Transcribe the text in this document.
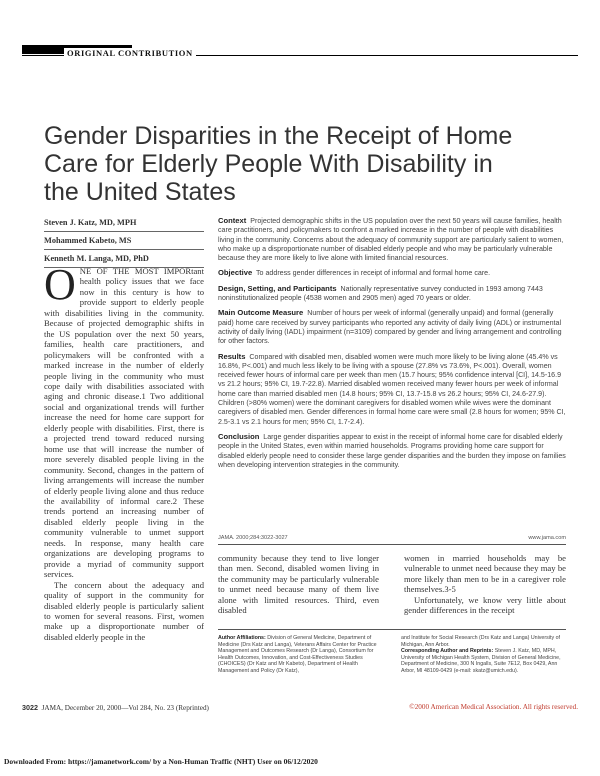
ORIGINAL CONTRIBUTION
Gender Disparities in the Receipt of Home Care for Elderly People With Disability in the United States
Steven J. Katz, MD, MPH
Mohammed Kabeto, MS
Kenneth M. Langa, MD, PhD

Context Projected demographic shifts in the US population over the next 50 years will cause families, health care practitioners, and policymakers to confront a marked increase in the number of people with disabilities living in the community. Concerns about the adequacy of community support are particularly salient to women, who make up a disproportionate number of disabled elderly people and who may be particularly vulnerable because they are more likely to live alone with limited financial resources.

Objective To address gender differences in receipt of informal and formal home care.

Design, Setting, and Participants Nationally representative survey conducted in 1993 among 7443 noninstitutionalized people (4538 women and 2905 men) aged 70 years or older.

Main Outcome Measure Number of hours per week of informal (generally unpaid) and formal (generally paid) home care received by survey participants who reported any activity of daily living (ADL) or instrumental activity of daily living (IADL) impairment (n=3109) compared by gender and living arrangement and controlling for other factors.

Results Compared with disabled men, disabled women were much more likely to be living alone (45.4% vs 16.8%, P<.001) and much less likely to be living with a spouse (27.8% vs 73.6%, P<.001). Overall, women received fewer hours of informal care per week than men (15.7 hours; 95% confidence interval [CI], 14.5-16.9 vs 21.2 hours; 95% CI, 19.7-22.8). Married disabled women received many fewer hours per week of informal home care than married disabled men (14.8 hours; 95% CI, 13.7-15.8 vs 26.2 hours; 95% CI, 24.6-27.9). Children (>80% women) were the dominant caregivers for disabled women while wives were the dominant caregivers of disabled men. Gender differences in formal home care were small (2.8 hours for women; 95% CI, 2.5-3.1 vs 2.1 hours for men; 95% CI, 1.7-2.4).

Conclusion Large gender disparities appear to exist in the receipt of informal home care for disabled elderly people in the United States, even within married households. Programs providing home care support for disabled elderly people need to consider these large gender disparities and the burden they impose on families when developing intervention strategies in the community.

JAMA. 2000;284:3022-3027	www.jama.com

ONE OF THE MOST IMPORtant health policy issues that we face now in this century is how to provide support to elderly people with disabilities living in the community. Because of projected demographic shifts in the US population over the next 50 years, families, health care practitioners, and policymakers will be confronted with a marked increase in the number of elderly people living in the community who must cope daily with disabilities associated with aging and chronic disease.1 Two additional social and organizational trends will further increase the need for home care support for elderly people with disabilities. First, there is a projected trend toward reduced nursing home use that will increase the number of more severely disabled people living in the community. Second, changes in the pattern of living arrangements will increase the number of elderly people living alone and thus reduce the availability of informal care.2 These trends portend an increasing number of disabled elderly people living in the community vulnerable to unmet support needs. In response, many health care organizations are developing programs to provide a myriad of community support services.

The concern about the adequacy and quality of support in the community for disabled elderly people is particularly salient to women for several reasons. First, women make up a disproportionate number of disabled elderly people in the

community because they tend to live longer than men. Second, disabled women living in the community may be particularly vulnerable to unmet need because many of them live alone with limited resources. Third, even disabled

women in married households may be vulnerable to unmet need because they may be more likely than men to be in a caregiver role themselves.3-5

Unfortunately, we know very little about gender differences in the receipt

Author Affiliations: Division of General Medicine, Department of Medicine (Drs Katz and Langa), Veterans Affairs Center for Practice Management and Outcomes Research (Dr Langa), Consortium for Health Outcomes, Innovation, and Cost-Effectiveness Studies (CHOICES) (Dr Katz and Mr Kabeto), Department of Health Management and Policy (Dr Katz),
and Institute for Social Research (Drs Katz and Langa) University of Michigan, Ann Arbor.
Corresponding Author and Reprints: Steven J. Katz, MD, MPH, University of Michigan Health System, Division of General Medicine, Department of Medicine, 300 N Ingalls, Suite 7E12, Box 0429, Ann Arbor, MI 48109-0429 (e-mail: skatz@umich.edu).
3022 JAMA, December 20, 2000—Vol 284, No. 23 (Reprinted)	©2000 American Medical Association. All rights reserved.
Downloaded From: https://jamanetwork.com/ by a Non-Human Traffic (NHT) User on 06/12/2020
